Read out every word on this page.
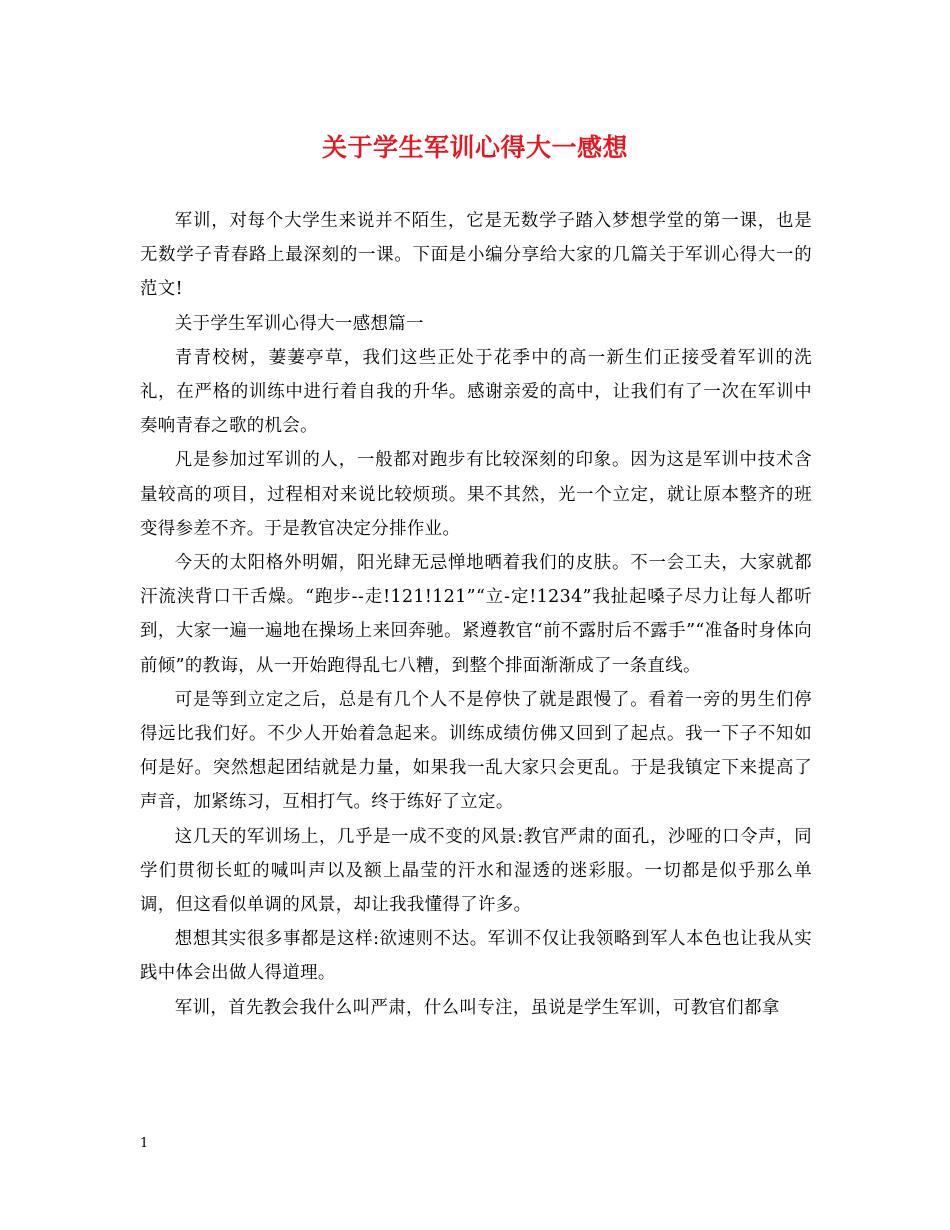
关于学生军训心得大一感想

军训，对每个大学生来说并不陌生，它是无数学子踏入梦想学堂的第一课，也是无数学子青春路上最深刻的一课。下面是小编分享给大家的几篇关于军训心得大一的范文!

关于学生军训心得大一感想篇一

青青校树，萋萋亭草，我们这些正处于花季中的高一新生们正接受着军训的洗礼，在严格的训练中进行着自我的升华。感谢亲爱的高中，让我们有了一次在军训中奏响青春之歌的机会。

凡是参加过军训的人，一般都对跑步有比较深刻的印象。因为这是军训中技术含量较高的项目，过程相对来说比较烦琐。果不其然，光一个立定，就让原本整齐的班变得参差不齐。于是教官决定分排作业。

今天的太阳格外明媚，阳光肆无忌惮地晒着我们的皮肤。不一会工夫，大家就都汗流浃背口干舌燥。“跑步--走!121!121”“立-定!1234”我扯起嗓子尽力让每人都听到，大家一遍一遍地在操场上来回奔驰。紧遵教官“前不露肘后不露手”“准备时身体向前倾”的教诲，从一开始跑得乱七八糟，到整个排面渐渐成了一条直线。

可是等到立定之后，总是有几个人不是停快了就是跟慢了。看着一旁的男生们停得远比我们好。不少人开始着急起来。训练成绩仿佛又回到了起点。我一下子不知如何是好。突然想起团结就是力量，如果我一乱大家只会更乱。于是我镇定下来提高了声音，加紧练习，互相打气。终于练好了立定。

这几天的军训场上，几乎是一成不变的风景:教官严肃的面孔，沙哑的口令声，同学们贯彻长虹的喊叫声以及额上晶莹的汗水和湿透的迷彩服。一切都是似乎那么单调，但这看似单调的风景，却让我我懂得了许多。

想想其实很多事都是这样:欲速则不达。军训不仅让我领略到军人本色也让我从实践中体会出做人得道理。

军训，首先教会我什么叫严肃，什么叫专注，虽说是学生军训，可教官们都拿

1
